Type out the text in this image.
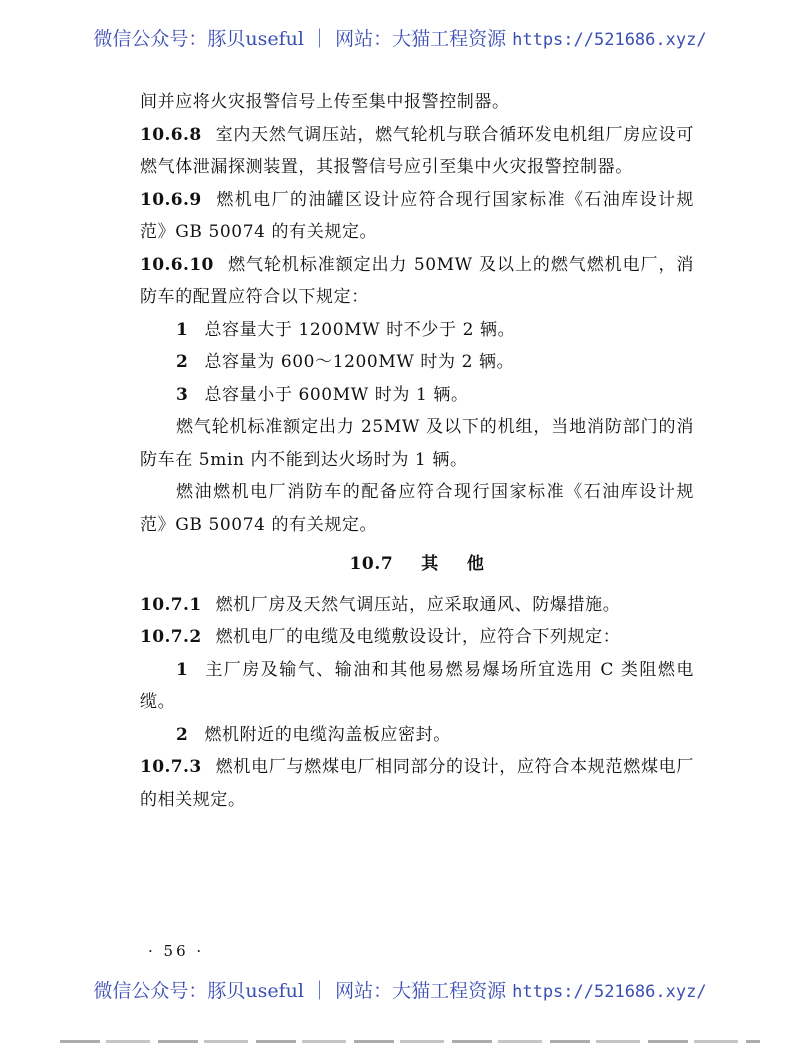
微信公众号：豚贝useful ｜ 网站：大猫工程资源 https://521686.xyz/

间并应将火灾报警信号上传至集中报警控制器。

10.6.8 室内天然气调压站，燃气轮机与联合循环发电机组厂房应设可燃气体泄漏探测装置，其报警信号应引至集中火灾报警控制器。

10.6.9 燃机电厂的油罐区设计应符合现行国家标准《石油库设计规范》GB 50074 的有关规定。

10.6.10 燃气轮机标准额定出力 50MW 及以上的燃气燃机电厂，消防车的配置应符合以下规定：

1 总容量大于 1200MW 时不少于 2 辆。

2 总容量为 600～1200MW 时为 2 辆。

3 总容量小于 600MW 时为 1 辆。

燃气轮机标准额定出力 25MW 及以下的机组，当地消防部门的消防车在 5min 内不能到达火场时为 1 辆。

燃油燃机电厂消防车的配备应符合现行国家标准《石油库设计规范》GB 50074 的有关规定。

10.7 其 他

10.7.1 燃机厂房及天然气调压站，应采取通风、防爆措施。

10.7.2 燃机电厂的电缆及电缆敷设设计，应符合下列规定：

1 主厂房及输气、输油和其他易燃易爆场所宜选用 C 类阻燃电缆。

2 燃机附近的电缆沟盖板应密封。

10.7.3 燃机电厂与燃煤电厂相同部分的设计，应符合本规范燃煤电厂的相关规定。

· 56 ·
微信公众号：豚贝useful ｜ 网站：大猫工程资源 https://521686.xyz/
